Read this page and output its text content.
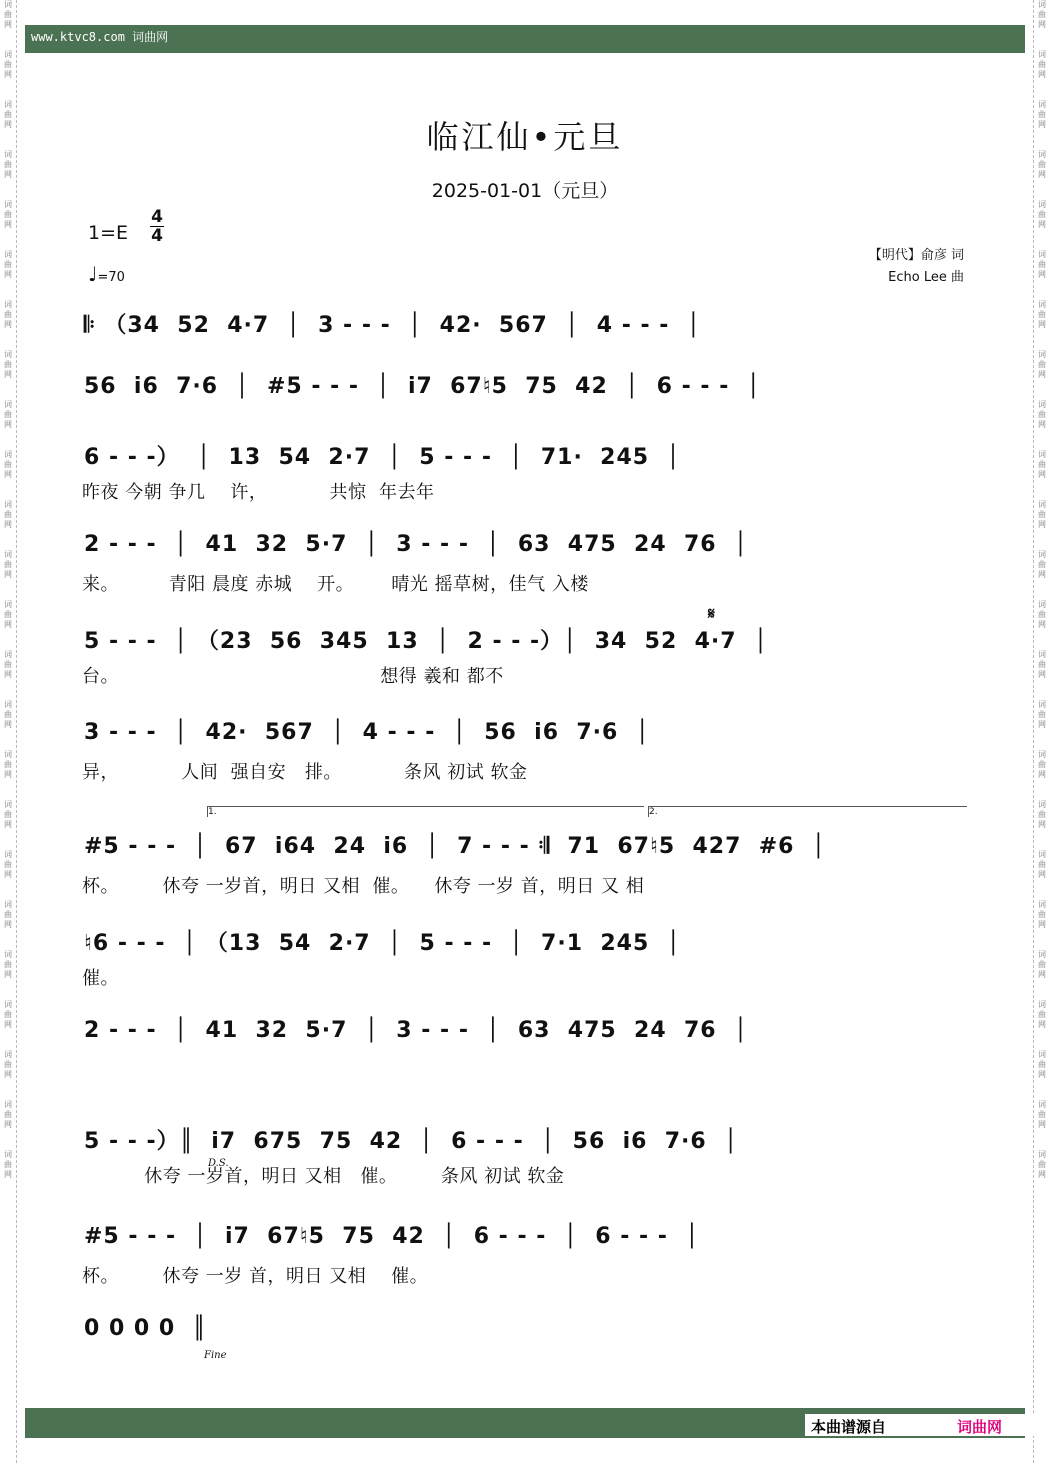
词
曲
网

词
曲
网

词
曲
网

词
曲
网

词
曲
网

词
曲
网

词
曲
网

词
曲
网

词
曲
网

词
曲
网

词
曲
网

词
曲
网

词
曲
网

词
曲
网

词
曲
网

词
曲
网

词
曲
网

词
曲
网

词
曲
网

词
曲
网

词
曲
网

词
曲
网

词
曲
网

词
曲
网

词
曲
网

词
曲
网

词
曲
网

词
曲
网

词
曲
网

词
曲
网

词
曲
网

词
曲
网

词
曲
网

词
曲
网

词
曲
网

词
曲
网

词
曲
网

词
曲
网

词
曲
网

词
曲
网

词
曲
网

词
曲
网

词
曲
网

词
曲
网

词
曲
网

词
曲
网

词
曲
网

词
曲
网

www.ktvc8.com 词曲网
临江仙•元旦
2025-01-01（元旦）
1=E
4
4
♩=70
【明代】俞彦 词
Echo Lee 曲
𝄆 （34  52  4·7  │  3 - - -  │  42·  567  │  4 - - -  │
56  i6  7·6  │  #5 - - -  │  i7  67♮5  75  42  │  6 - - -  │
6 - - -）  │  13  54  2·7  │  5 - - -  │  71·  245  │
昨夜 今朝 争几    许，          共惊  年去年
2 - - -  │  41  32  5·7  │  3 - - -  │  63  475  24  76  │
来。        青阳 晨度 赤城    开。      晴光 摇草树，佳气 入楼
5 - - -  │ （23  56  345  13  │  2 - - -）│  34  52  4·7  │
台。                                          想得 羲和 都不
3 - - -  │  42·  567  │  4 - - -  │  56  i6  7·6  │
异，          人间  强自安   排。          条风 初试 软金
#5 - - -  │  67  i64  24  i6  │  7 - - - 𝄇  71  67♮5  427  #6  │
杯。       休夸 一岁首，明日 又相  催。    休夸 一岁 首，明日 又 相
♮6 - - -  │ （13  54  2·7  │  5 - - -  │  7·1  245  │
催。
2 - - -  │  41  32  5·7  │  3 - - -  │  63  475  24  76  │
5 - - -）║  i7  675  75  42  │  6 - - -  │  56  i6  7·6  │
休夸 一岁首，明日 又相   催。       条风 初试 软金
#5 - - -  │  i7  67♮5  75  42  │  6 - - -  │  6 - - -  │
杯。       休夸 一岁 首，明日 又相    催。
0 0 0 0  ║
1.	2.
D.S.
Fine
𝄋
本曲谱源自	词曲网
